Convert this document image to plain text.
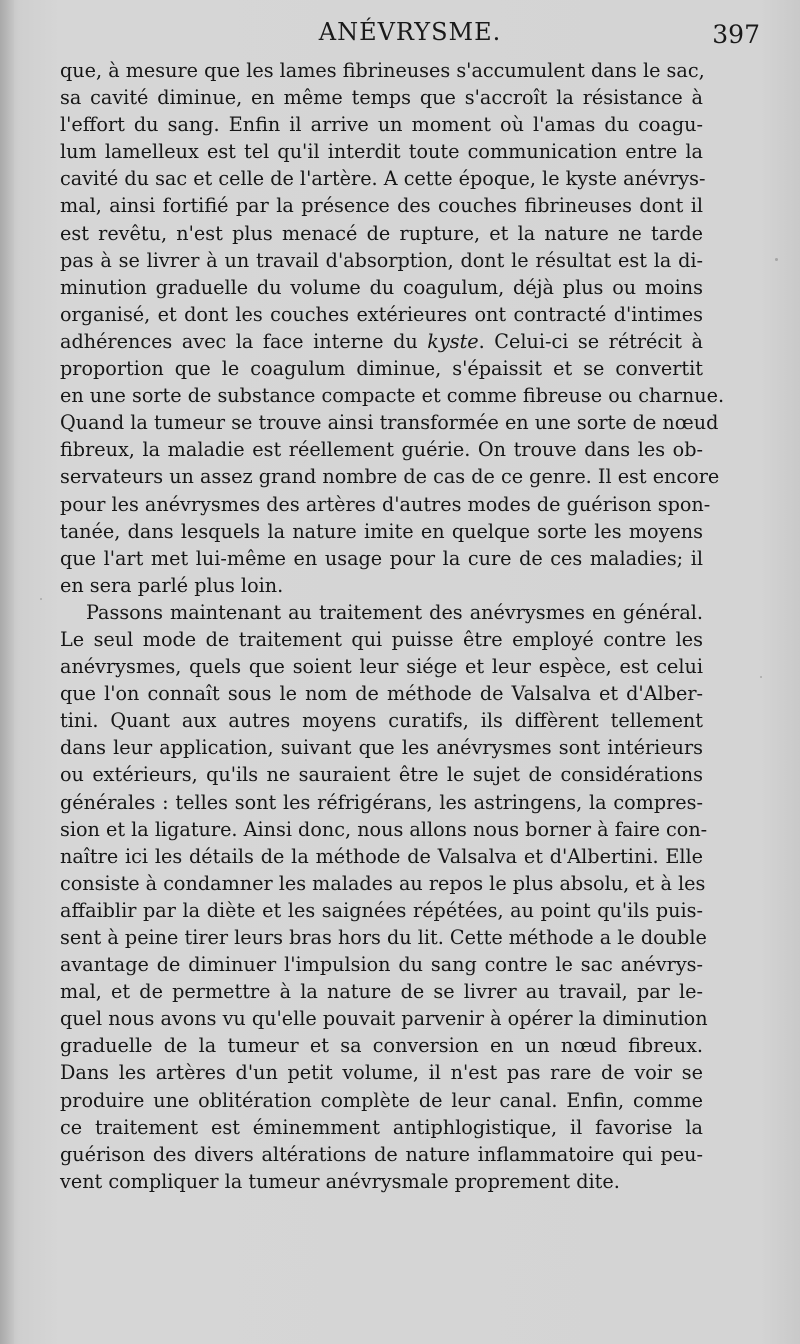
ANÉVRYSME.	397

que, à mesure que les lames fibrineuses s'accumulent dans le sac,
sa cavité diminue, en même temps que s'accroît la résistance à
l'effort du sang. Enfin il arrive un moment où l'amas du coagu-
lum lamelleux est tel qu'il interdit toute communication entre la
cavité du sac et celle de l'artère. A cette époque, le kyste anévrys-
mal, ainsi fortifié par la présence des couches fibrineuses dont il
est revêtu, n'est plus menacé de rupture, et la nature ne tarde
pas à se livrer à un travail d'absorption, dont le résultat est la di-
minution graduelle du volume du coagulum, déjà plus ou moins
organisé, et dont les couches extérieures ont contracté d'intimes
adhérences avec la face interne du kyste. Celui-ci se rétrécit à
proportion que le coagulum diminue, s'épaissit et se convertit
en une sorte de substance compacte et comme fibreuse ou charnue.
Quand la tumeur se trouve ainsi transformée en une sorte de nœud
fibreux, la maladie est réellement guérie. On trouve dans les ob-
servateurs un assez grand nombre de cas de ce genre. Il est encore
pour les anévrysmes des artères d'autres modes de guérison spon-
tanée, dans lesquels la nature imite en quelque sorte les moyens
que l'art met lui-même en usage pour la cure de ces maladies; il
en sera parlé plus loin.

Passons maintenant au traitement des anévrysmes en général.
Le seul mode de traitement qui puisse être employé contre les
anévrysmes, quels que soient leur siége et leur espèce, est celui
que l'on connaît sous le nom de méthode de Valsalva et d'Alber-
tini. Quant aux autres moyens curatifs, ils diffèrent tellement
dans leur application, suivant que les anévrysmes sont intérieurs
ou extérieurs, qu'ils ne sauraient être le sujet de considérations
générales : telles sont les réfrigérans, les astringens, la compres-
sion et la ligature. Ainsi donc, nous allons nous borner à faire con-
naître ici les détails de la méthode de Valsalva et d'Albertini. Elle
consiste à condamner les malades au repos le plus absolu, et à les
affaiblir par la diète et les saignées répétées, au point qu'ils puis-
sent à peine tirer leurs bras hors du lit. Cette méthode a le double
avantage de diminuer l'impulsion du sang contre le sac anévrys-
mal, et de permettre à la nature de se livrer au travail, par le-
quel nous avons vu qu'elle pouvait parvenir à opérer la diminution
graduelle de la tumeur et sa conversion en un nœud fibreux.
Dans les artères d'un petit volume, il n'est pas rare de voir se
produire une oblitération complète de leur canal. Enfin, comme
ce traitement est éminemment antiphlogistique, il favorise la
guérison des divers altérations de nature inflammatoire qui peu-
vent compliquer la tumeur anévrysmale proprement dite.
